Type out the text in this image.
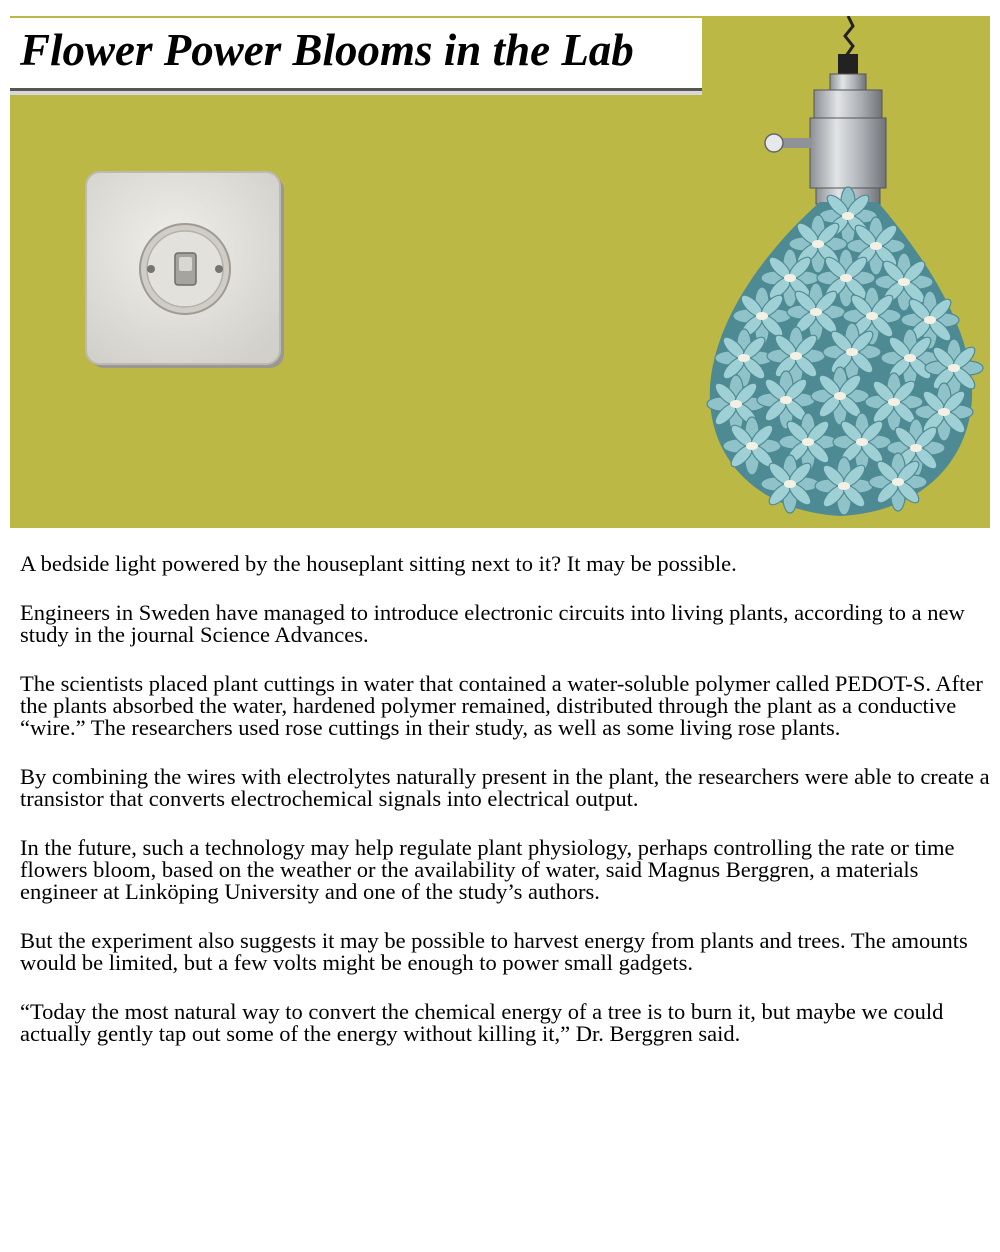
Flower Power Blooms in the Lab

A bedside light powered by the houseplant sitting next to it? It may be possible.

Engineers in Sweden have managed to introduce electronic circuits into living plants, according to a new study in the journal Science Advances.

The scientists placed plant cuttings in water that contained a water-soluble polymer called PEDOT-S. After the plants absorbed the water, hardened polymer remained, distributed through the plant as a conductive “wire.” The researchers used rose cuttings in their study, as well as some living rose plants.

By combining the wires with electrolytes naturally present in the plant, the researchers were able to create a transistor that converts electrochemical signals into electrical output.

In the future, such a technology may help regulate plant physiology, perhaps controlling the rate or time flowers bloom, based on the weather or the availability of water, said Magnus Berggren, a materials engineer at Linköping University and one of the study’s authors.

But the experiment also suggests it may be possible to harvest energy from plants and trees. The amounts would be limited, but a few volts might be enough to power small gadgets.

“Today the most natural way to convert the chemical energy of a tree is to burn it, but maybe we could actually gently tap out some of the energy without killing it,” Dr. Berggren said.
